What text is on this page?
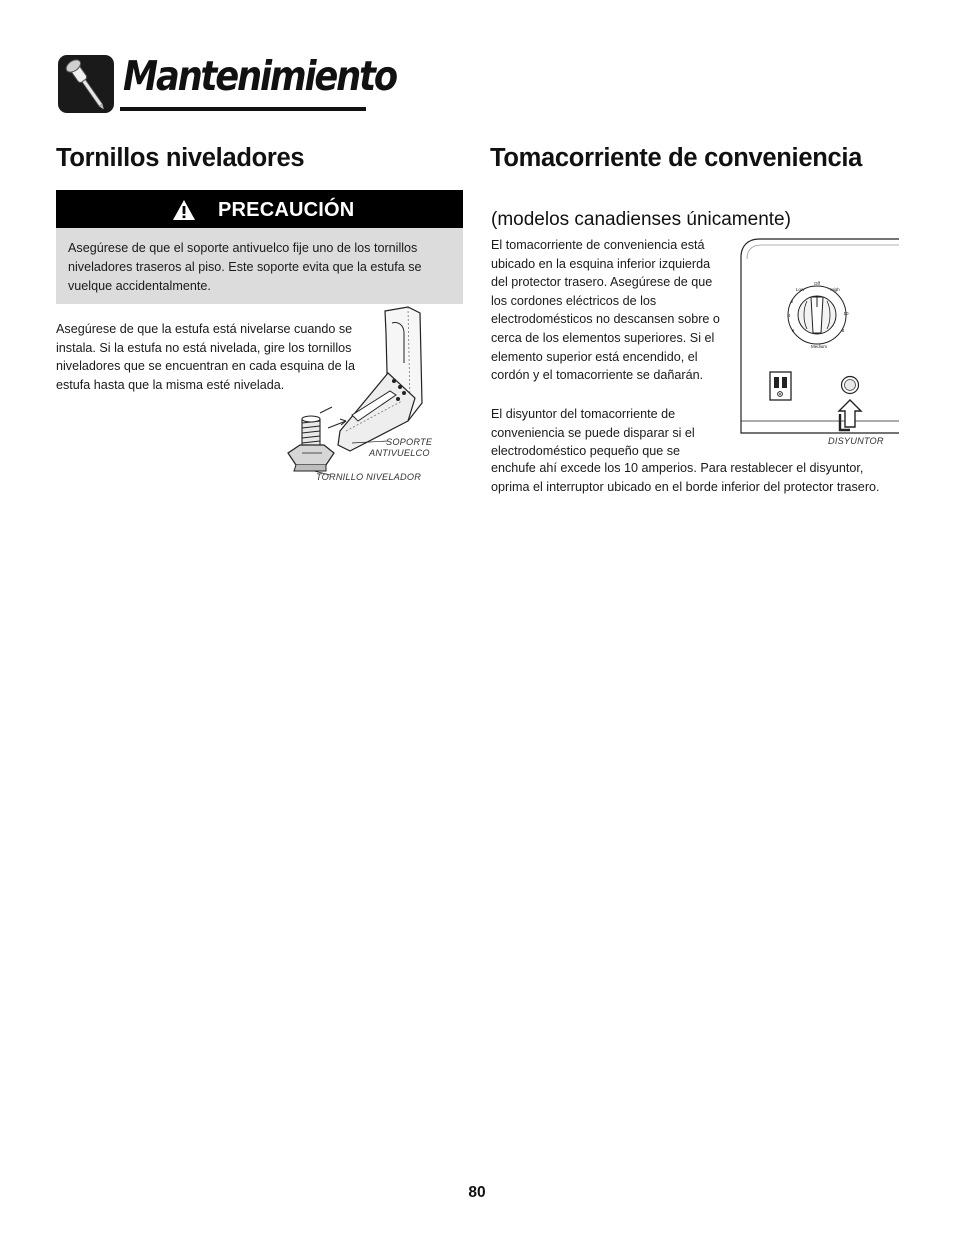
Mantenimiento
Tornillos niveladores

PRECAUCIÓN

Asegúrese de que el soporte antivuelco fije uno de los tornillos niveladores traseros al piso. Este soporte evita que la estufa se vuelque accidentalmente.

Asegúrese de que la estufa está nivelarse cuando se instala. Si la estufa no está nivelada, gire los tornillos niveladores que se encuentran en cada esquina de la estufa hasta que la misma esté nivelada.

SOPORTE

ANTIVUELCO

TORNILLO NIVELADOR

Tomacorriente de conveniencia

(modelos canadienses únicamente)

El tomacorriente de conveniencia está ubicado en la esquina inferior izquierda del protector trasero. Asegúrese de que los cordones eléctricos de los electrodomésticos no descansen sobre o cerca de los elementos superiores. Si el elemento superior está encendido, el cordón y el tomacorriente se dañarán.

El disyuntor del tomacorriente de conveniencia se puede disparar si el electrodoméstico pequeño que se

enchufe ahí excede los 10 amperios. Para restablecer el disyuntor, oprima el interruptor ubicado en el borde inferior del protector trasero.

Off
Low	High
Medium
2
4
6	8
10

DISYUNTOR

80
